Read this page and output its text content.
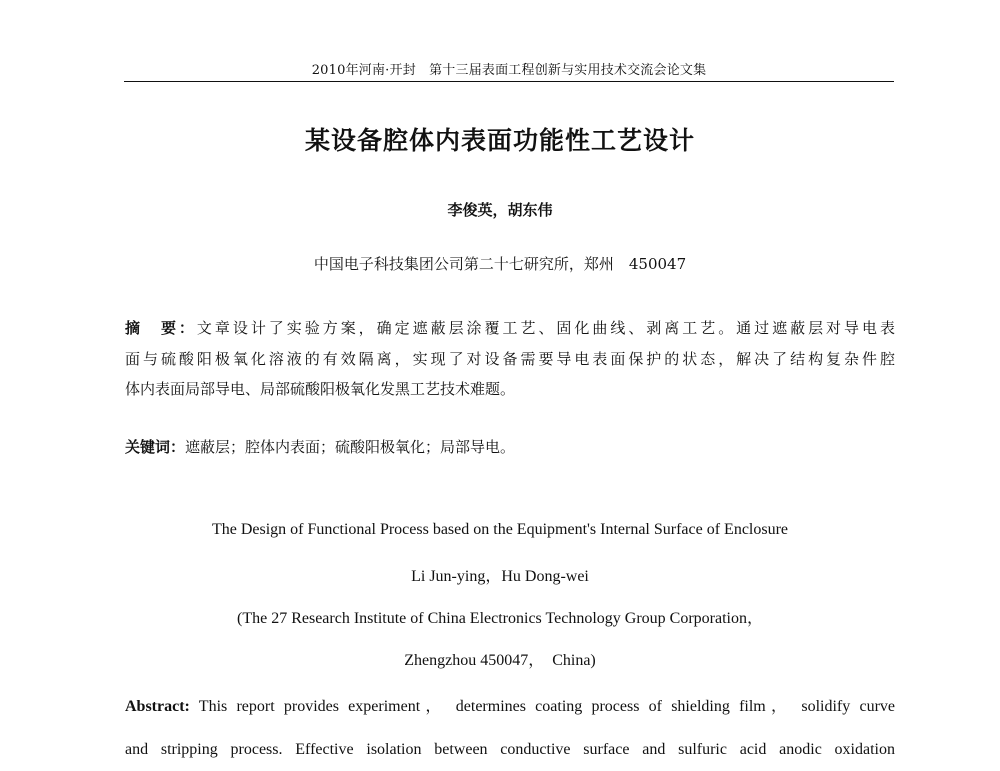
2010年河南·开封　第十三届表面工程创新与实用技术交流会论文集
某设备腔体内表面功能性工艺设计
李俊英，胡东伟
中国电子科技集团公司第二十七研究所，郑州　450047
摘　要：文章设计了实验方案，确定遮蔽层涂覆工艺、固化曲线、剥离工艺。通过遮蔽层对导电表
面与硫酸阳极氧化溶液的有效隔离，实现了对设备需要导电表面保护的状态，解决了结构复杂件腔
体内表面局部导电、局部硫酸阳极氧化发黑工艺技术难题。
关键词：遮蔽层；腔体内表面；硫酸阳极氧化；局部导电。
The Design of Functional Process based on the Equipment's Internal Surface of Enclosure
Li Jun-ying，Hu Dong-wei
(The 27 Research Institute of China Electronics Technology Group Corporation，
Zhengzhou 450047，　China)
Abstract: This report provides experiment， determines coating process of shielding film， solidify curve
and stripping process. Effective isolation between conductive surface and sulfuric acid anodic oxidation
